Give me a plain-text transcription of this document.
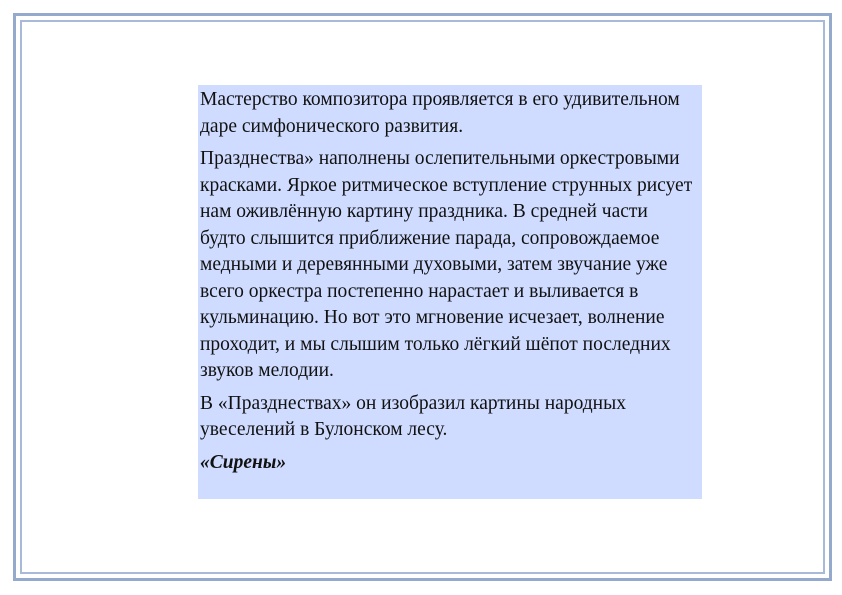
Мастерство композитора проявляется в его удивительном даре симфонического развития.

Празднества» наполнены ослепительными оркестровыми красками. Яркое ритмическое вступление струнных рисует нам оживлённую картину праздника. В средней части будто слышится приближение парада, сопровождаемое медными и деревянными духовыми, затем звучание уже всего оркестра постепенно нарастает и выливается в кульминацию. Но вот это мгновение исчезает, волнение проходит, и мы слышим только лёгкий шёпот последних звуков мелодии.

В «Празднествах» он изобразил картины народных увеселений в Булонском лесу.

«Сирены»
